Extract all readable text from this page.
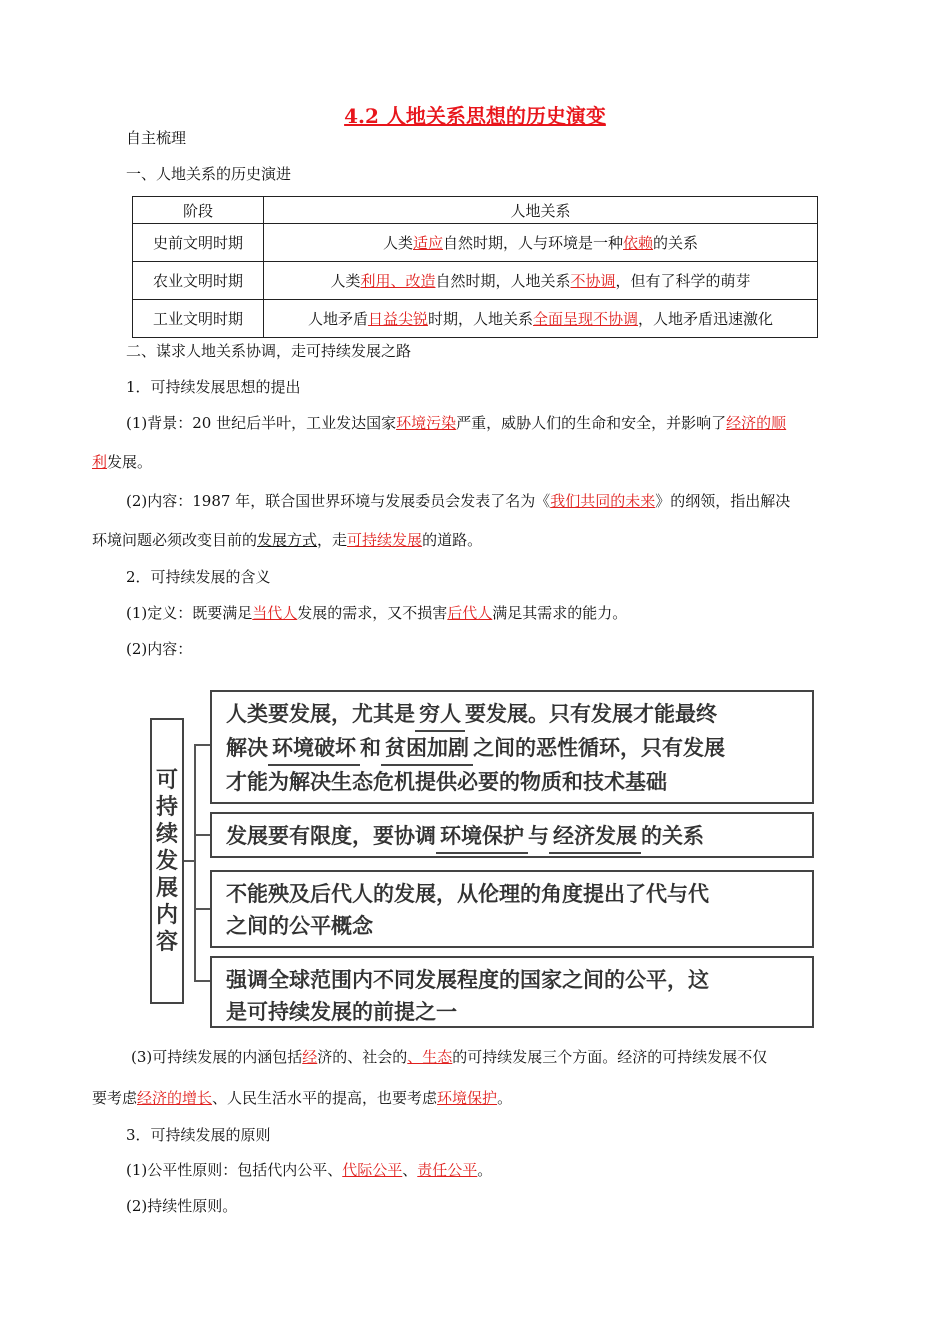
4.2 人地关系思想的历史演变
自主梳理
一、人地关系的历史演进
阶段	人地关系
史前文明时期	人类适应自然时期，人与环境是一种依赖的关系
农业文明时期	人类利用、改造自然时期，人地关系不协调，但有了科学的萌芽
工业文明时期	人地矛盾日益尖锐时期，人地关系全面呈现不协调，人地矛盾迅速激化
二、谋求人地关系协调，走可持续发展之路
1．可持续发展思想的提出
(1)背景：20 世纪后半叶，工业发达国家环境污染严重，威胁人们的生命和安全，并影响了经济的顺
利发展。
(2)内容：1987 年，联合国世界环境与发展委员会发表了名为《我们共同的未来》的纲领，指出解决
环境问题必须改变目前的发展方式，走可持续发展的道路。
2．可持续发展的含义
(1)定义：既要满足当代人发展的需求，又不损害后代人满足其需求的能力。
(2)内容：
可
持
续
发
展
内
容
人类要发展，尤其是 穷人 要发展。只有发展才能最终
解决 环境破坏 和 贫困加剧 之间的恶性循环，只有发展
才能为解决生态危机提供必要的物质和技术基础
发展要有限度，要协调 环境保护 与 经济发展 的关系
不能殃及后代人的发展，从伦理的角度提出了代与代
之间的公平概念
强调全球范围内不同发展程度的国家之间的公平，这
是可持续发展的前提之一
(3)可持续发展的内涵包括经济的、社会的、生态的可持续发展三个方面。经济的可持续发展不仅
要考虑经济的增长、人民生活水平的提高，也要考虑环境保护。
3．可持续发展的原则
(1)公平性原则：包括代内公平、代际公平、责任公平。
(2)持续性原则。
